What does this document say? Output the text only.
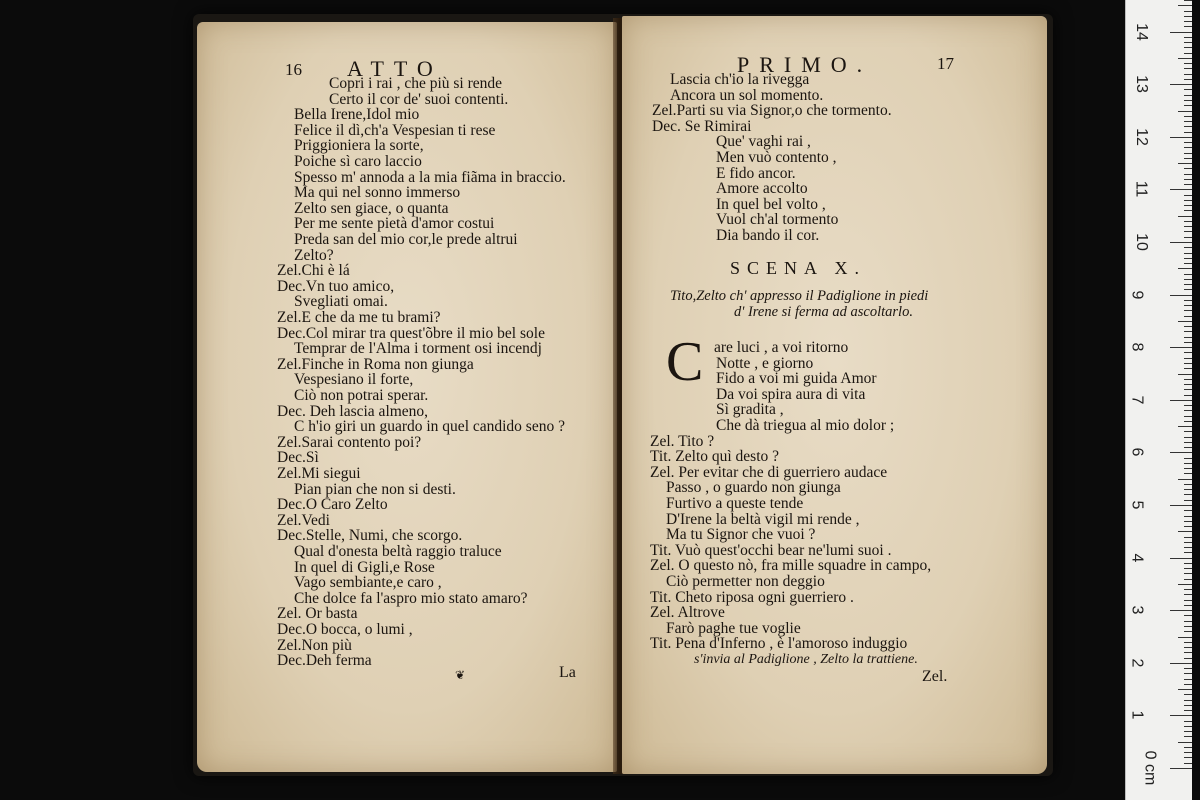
16 ATTO
Copri i rai , che più si rende
Certo il cor de' suoi contenti.
Bella Irene,Idol mio
Felice il dì,ch'a Vespesian ti rese
Priggioniera la sorte,
Poiche sì caro laccio
Spesso m' annoda a la mia fiãma in braccio.
Ma qui nel sonno immerso
Zelto sen giace, o quanta
Per me sente pietà d'amor costui
Preda san del mio cor,le prede altrui
Zelto?
Zel.Chi è lá
Dec.Vn tuo amico,
Svegliati omai.
Zel.E che da me tu brami?
Dec.Col mirar tra quest'õbre il mio bel sole
Temprar de l'Alma i torment osi incendj
Zel.Finche in Roma non giunga
Vespesiano il forte,
Ciò non potrai sperar.
Dec. Deh lascia almeno,
C h'io giri un guardo in quel candido seno ?
Zel.Sarai contento poi?
Dec.Sì
Zel.Mi siegui
Pian pian che non si desti.
Dec.O Caro Zelto
Zel.Vedi
Dec.Stelle, Numi, che scorgo.
Qual d'onesta beltà raggio traluce
In quel di Gigli,e Rose
Vago sembiante,e caro ,
Che dolce fa l'aspro mio stato amaro?
Zel. Or basta
Dec.O bocca, o lumi ,
Zel.Non più
Dec.Deh ferma
La
❦
PRIMO.	17
Lascia ch'io la rivegga
Ancora un sol momento.
Zel.Parti su via Signor,o che tormento.
Dec. Se Rimirai
Que' vaghi rai ,
Men vuò contento ,
E fido ancor.
Amore accolto
In quel bel volto ,
Vuol ch'al tormento
Dia bando il cor.
SCENA X.
Tito,Zelto ch' appresso il Padiglione in piedi
d' Irene si ferma ad ascoltarlo.
C are luci , a voi ritorno
Notte , e giorno
Fido a voi mi guida Amor
Da voi spira aura di vita
Sì gradita ,
Che dà triegua al mio dolor ;
Zel. Tito ?
Tit. Zelto quì desto ?
Zel. Per evitar che di guerriero audace
Passo , o guardo non giunga
Furtivo a queste tende
D'Irene la beltà vigil mi rende ,
Ma tu Signor che vuoi ?
Tit. Vuò quest'occhi bear ne'lumi suoi .
Zel. O questo nò, fra mille squadre in campo,
Ciò permetter non deggio
Tit. Cheto riposa ogni guerriero .
Zel. Altrove
Farò paghe tue voglie
Tit. Pena d'Inferno , è l'amoroso induggio
s'invia al Padiglione , Zelto la trattiene.
Zel.
0 cm
1
2
3
4
5
6
7
8
9
10
11
12
13
14
